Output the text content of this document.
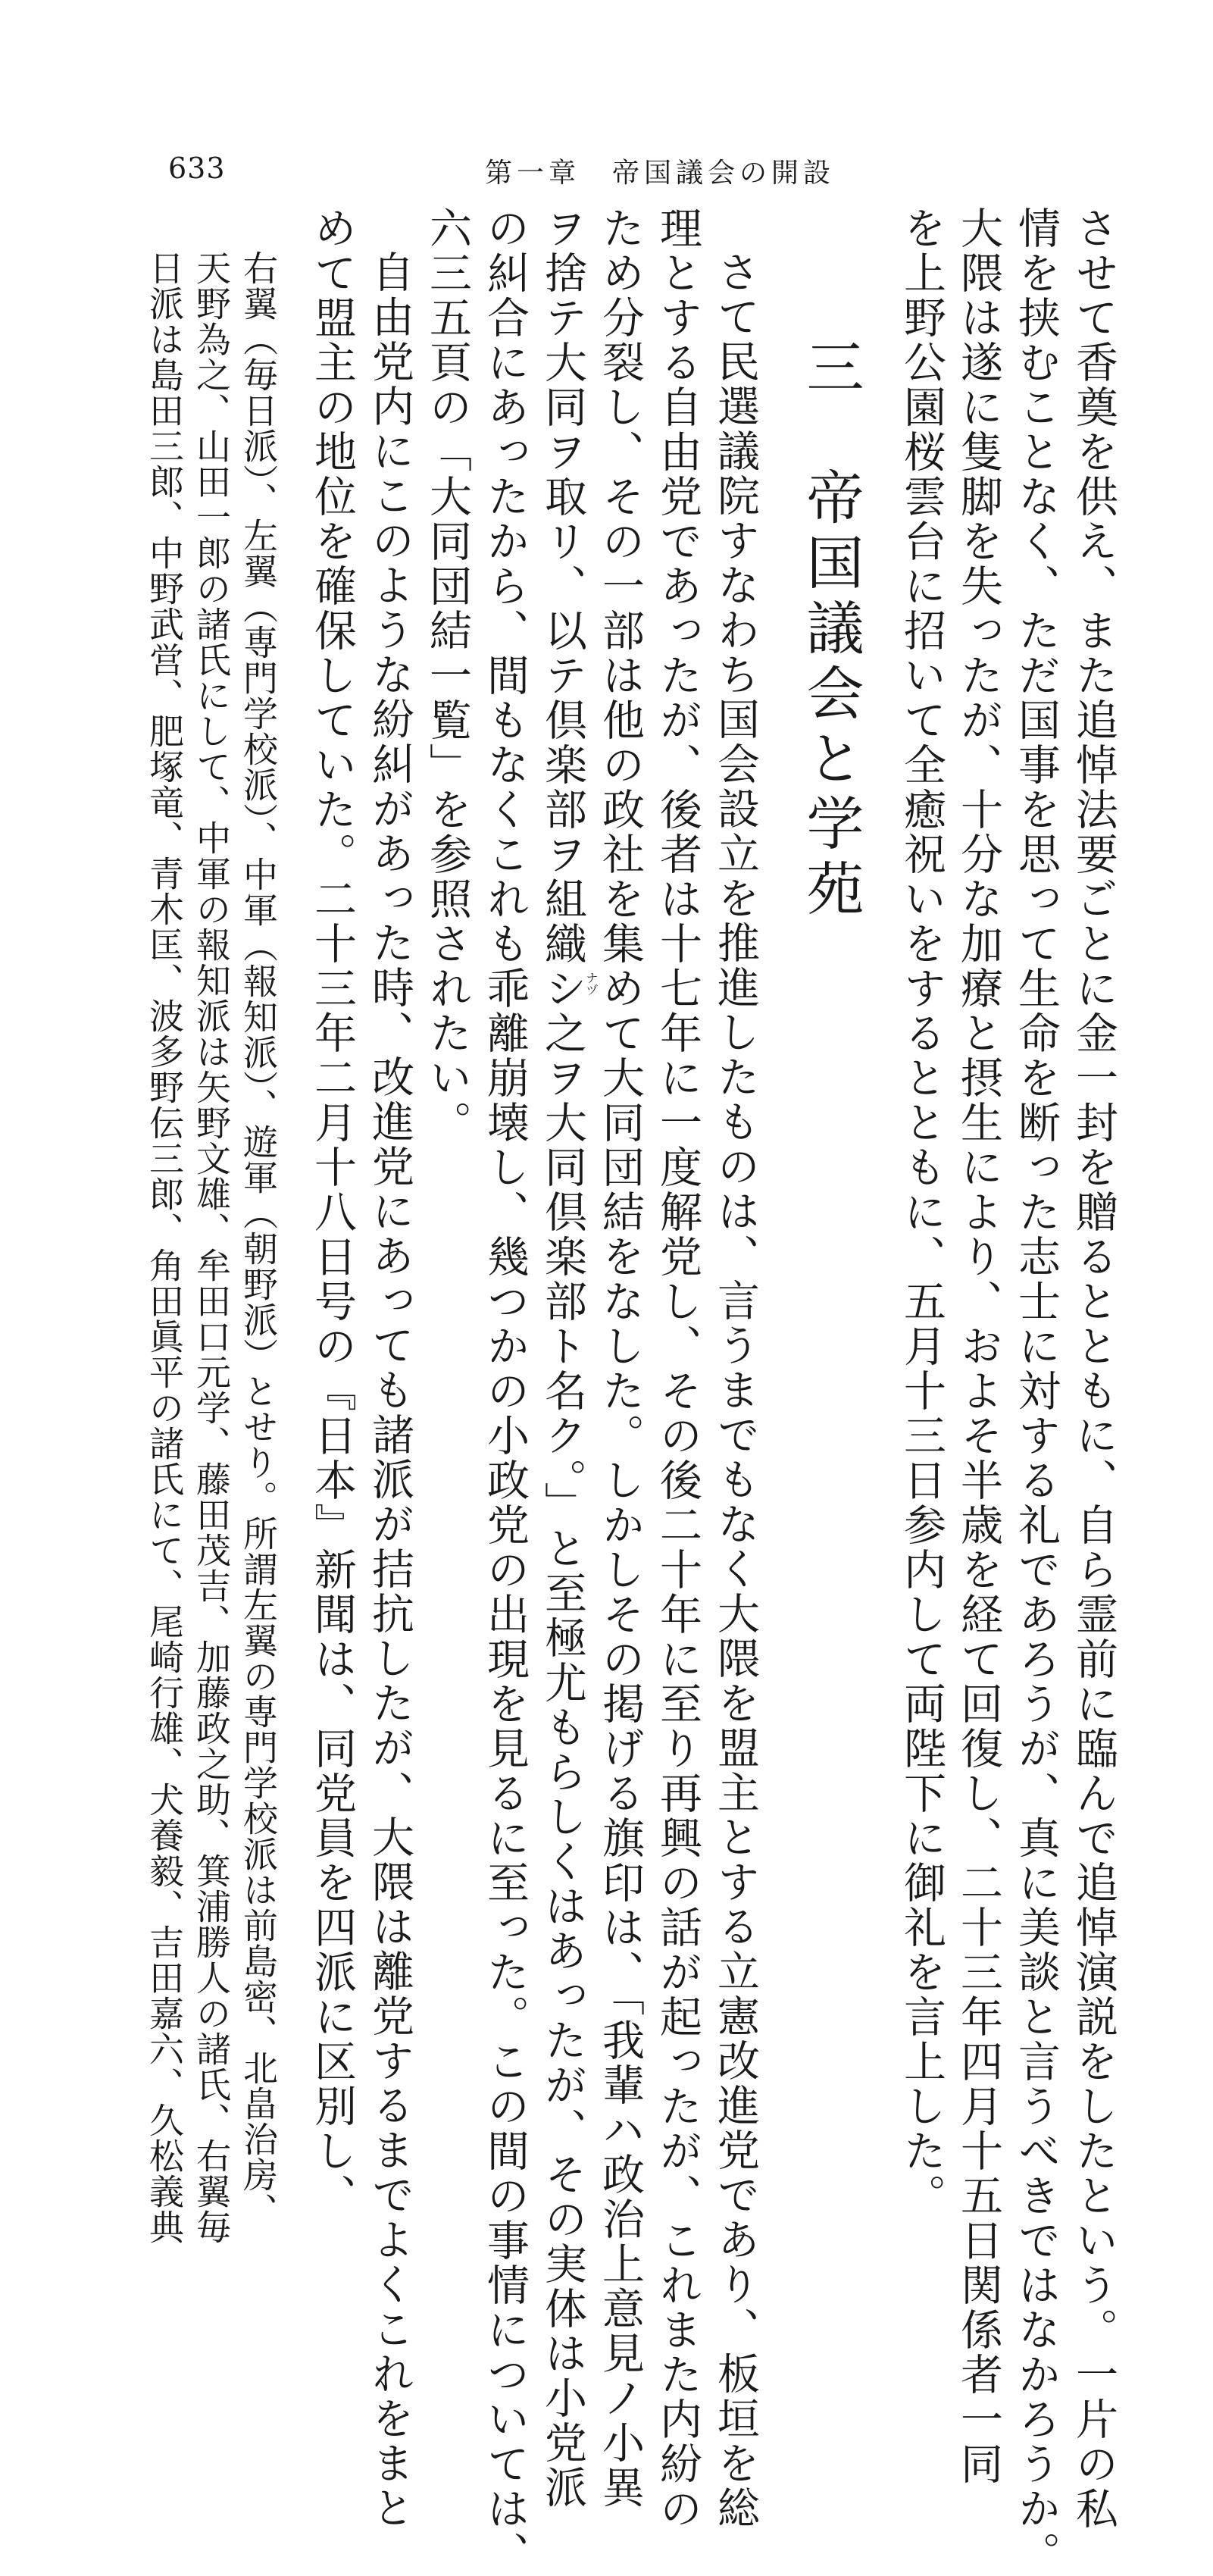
633	第一章　帝国議会の開設
させて香奠を供え、また追悼法要ごとに金一封を贈るとともに、自ら霊前に臨んで追悼演説をしたという。一片の私
情を挟むことなく、ただ国事を思って生命を断った志士に対する礼であろうが、真に美談と言うべきではなかろうか。
大隈は遂に隻脚を失ったが、十分な加療と摂生により、およそ半歳を経て回復し、二十三年四月十五日関係者一同
を上野公園桜雲台に招いて全癒祝いをするとともに、五月十三日参内して両陛下に御礼を言上した。
三　帝国議会と学苑
さて民選議院すなわち国会設立を推進したものは、言うまでもなく大隈を盟主とする立憲改進党であり、板垣を総
理とする自由党であったが、後者は十七年に一度解党し、その後二十年に至り再興の話が起ったが、これまた内紛の
ため分裂し、その一部は他の政社を集めて大同団結をなした。しかしその掲げる旗印は、「我輩ハ政治上意見ノ小異
ヲ捨テ大同ヲ取リ、以テ倶楽部ヲ組織シ之ヲ大同倶楽部ト名ク。」と至極尤もらしくはあったが、その実体は小党派
ナヅ
の糾合にあったから、間もなくこれも乖離崩壊し、幾つかの小政党の出現を見るに至った。この間の事情については、
六三五頁の「大同団結一覧」を参照されたい。
自由党内にこのような紛糾があった時、改進党にあっても諸派が拮抗したが、大隈は離党するまでよくこれをまと
めて盟主の地位を確保していた。二十三年二月十八日号の『日本』新聞は、同党員を四派に区別し、
右翼（毎日派）、左翼（専門学校派）、中軍（報知派）、遊軍（朝野派）とせり。所謂左翼の専門学校派は前島密、北畠治房、
天野為之、山田一郎の諸氏にして、中軍の報知派は矢野文雄、牟田口元学、藤田茂吉、加藤政之助、箕浦勝人の諸氏、右翼毎
日派は島田三郎、中野武営、肥塚竜、青木匡、波多野伝三郎、角田眞平の諸氏にて、尾崎行雄、犬養毅、吉田嘉六、久松義典
